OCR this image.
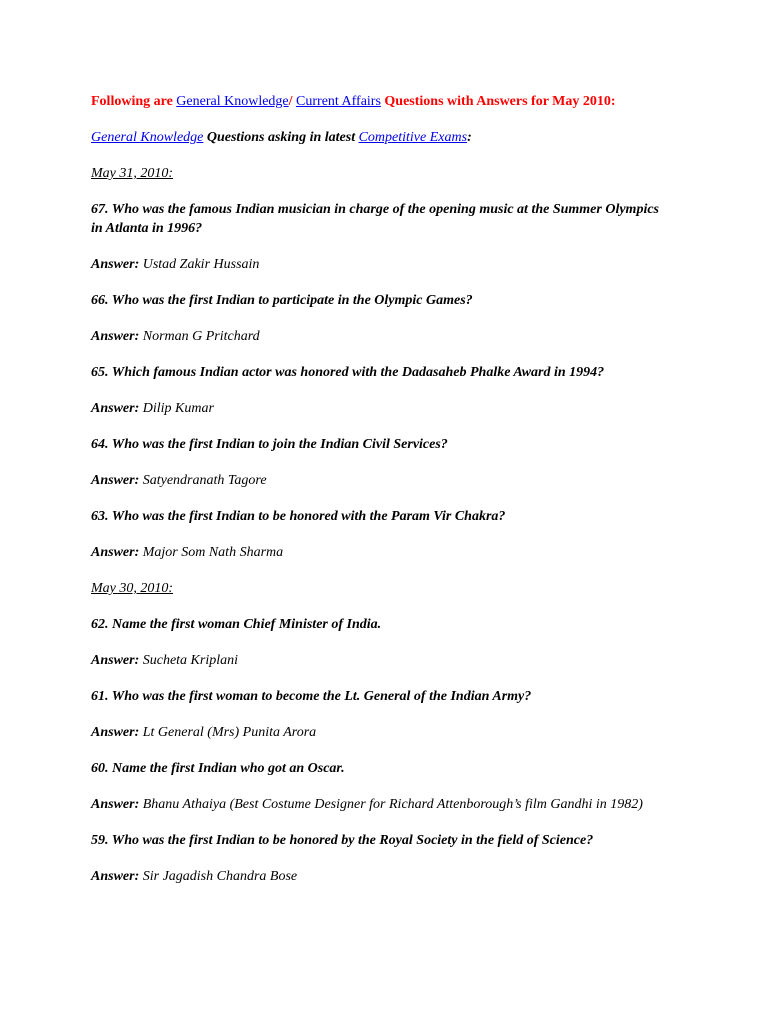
Following are General Knowledge/ Current Affairs Questions with Answers for May 2010:

General Knowledge Questions asking in latest Competitive Exams:

May 31, 2010:

67. Who was the famous Indian musician in charge of the opening music at the Summer Olympics in Atlanta in 1996?

Answer: Ustad Zakir Hussain

66. Who was the first Indian to participate in the Olympic Games?

Answer: Norman G Pritchard

65. Which famous Indian actor was honored with the Dadasaheb Phalke Award in 1994?

Answer: Dilip Kumar

64. Who was the first Indian to join the Indian Civil Services?

Answer: Satyendranath Tagore

63. Who was the first Indian to be honored with the Param Vir Chakra?

Answer: Major Som Nath Sharma

May 30, 2010:

62. Name the first woman Chief Minister of India.

Answer: Sucheta Kriplani

61. Who was the first woman to become the Lt. General of the Indian Army?

Answer: Lt General (Mrs) Punita Arora

60. Name the first Indian who got an Oscar.

Answer: Bhanu Athaiya (Best Costume Designer for Richard Attenborough’s film Gandhi in 1982)

59. Who was the first Indian to be honored by the Royal Society in the field of Science?

Answer: Sir Jagadish Chandra Bose
